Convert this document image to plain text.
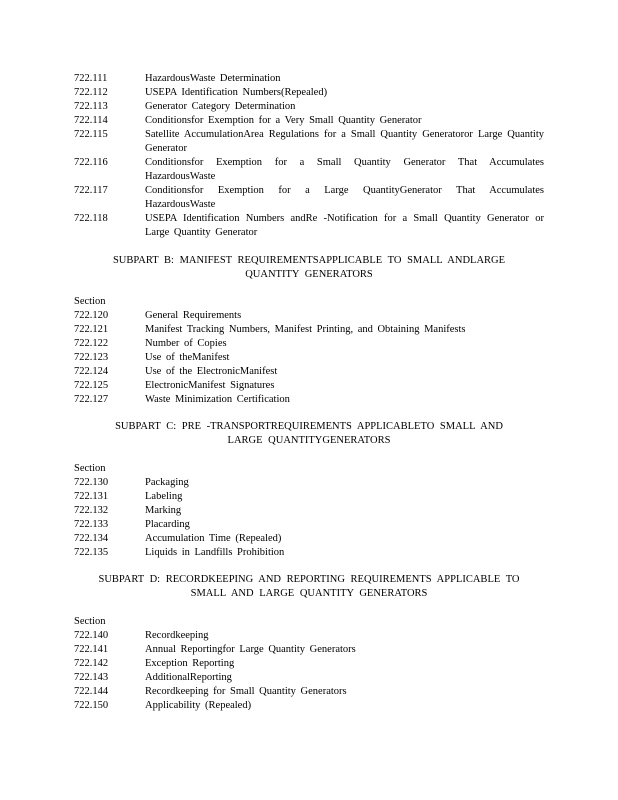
722.111	HazardousWaste Determination
722.112	USEPA Identification Numbers(Repealed)
722.113	Generator Category Determination
722.114	Conditionsfor Exemption for a Very Small Quantity Generator
722.115	Satellite AccumulationArea Regulations for a Small Quantity Generatoror Large Quantity Generator
722.116	Conditionsfor Exemption for a Small Quantity Generator That Accumulates HazardousWaste
722.117	Conditionsfor Exemption for a Large QuantityGenerator That Accumulates HazardousWaste
722.118	USEPA Identification Numbers andRe -Notification for a Small Quantity Generator or Large Quantity Generator
SUBPART B: MANIFEST REQUIREMENTSAPPLICABLE TO SMALL ANDLARGE
QUANTITY GENERATORS
Section
722.120	General Requirements
722.121	Manifest Tracking Numbers, Manifest Printing, and Obtaining Manifests
722.122	Number of Copies
722.123	Use of theManifest
722.124	Use of the ElectronicManifest
722.125	ElectronicManifest Signatures
722.127	Waste Minimization Certification
SUBPART C: PRE -TRANSPORTREQUIREMENTS APPLICABLETO SMALL AND
LARGE QUANTITYGENERATORS
Section
722.130	Packaging
722.131	Labeling
722.132	Marking
722.133	Placarding
722.134	Accumulation Time (Repealed)
722.135	Liquids in Landfills Prohibition
SUBPART D: RECORDKEEPING AND REPORTING REQUIREMENTS APPLICABLE TO
SMALL AND LARGE QUANTITY GENERATORS
Section
722.140	Recordkeeping
722.141	Annual Reportingfor Large Quantity Generators
722.142	Exception Reporting
722.143	AdditionalReporting
722.144	Recordkeeping for Small Quantity Generators
722.150	Applicability (Repealed)
